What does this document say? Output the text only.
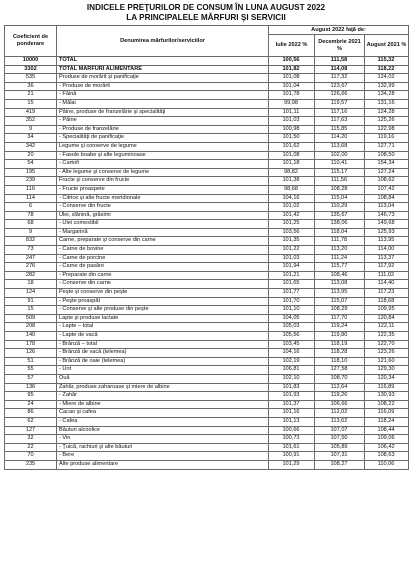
INDICELE PREŢURILOR DE CONSUM ÎN LUNA AUGUST 2022
LA PRINCIPALELE MĂRFURI ŞI SERVICII
Coeficient de ponderare	Denumirea mărfurilor/serviciilor	August 2022 faţă de:		
		Iulie 2022 %	Decembrie 2021 %	August 2021 %
10000	TOTAL	100,56	111,58	115,32
3302	TOTAL MĂRFURI ALIMENTARE	101,82	114,08	118,22
535	Produse de morărit şi panificaţie	101,08	117,32	124,02
36	- Produse de morărit	101,04	123,67	132,99
21	- Făină	101,78	126,66	134,28
15	- Mălai	99,98	119,57	131,16
419	Pâine, produse de franzelărie şi specialităţi	101,11	117,16	124,28
352	- Pâine	101,03	117,63	125,26
9	- Produse de franzelărie	100,98	115,85	122,98
34	- Specialităţi de panificaţie	101,50	114,20	119,16
342	Legume şi conserve de legume	101,62	113,68	127,71
20	- Fasole boabe şi alte leguminoase	101,08	102,00	108,50
54	- Cartofi	101,18	110,41	154,34
195	- Alte legume şi conserve de legume	98,82	115,17	127,24
239	Fructe şi conserve din fructe	101,38	111,56	108,62
116	- Fructe proaspete	98,68	108,28	107,42
114	- Citrice şi alte fructe meridionale	104,16	115,04	108,84
6	- Conserve din fructe	101,02	110,29	113,04
78	Ulei, slănină, grăsimi	101,42	135,67	146,73
68	- Ulei comestibil	101,25	138,06	149,68
9	- Margarină	103,56	118,04	125,93
832	Carne, preparate şi conserve din carne	101,35	111,78	113,95
73	- Carne de bovine	101,22	113,20	114,00
247	- Carne de porcine	101,03	111,24	113,37
276	- Carne de pasăre	101,94	115,77	117,92
282	- Preparate din carne	101,21	108,46	111,02
18	- Conserve din carne	101,65	113,08	114,40
124	Peşte şi conserve din peşte	101,77	113,95	117,23
91	- Peşte proaspăt	101,70	115,07	118,68
15	- Conserve şi alte produse din peşte	101,10	108,29	109,95
509	Lapte şi produse lactate	104,05	117,70	120,84
208	- Lapte – total	105,03	119,24	122,11
140	- Lapte de vacă	105,56	119,80	122,35
178	- Brânză – total	103,45	118,19	122,70
126	- Brânză de vacă (telemea)	104,16	118,28	123,26
51	- Brânză de oaie (telemea)	102,19	118,10	121,60
55	- Unt	106,81	127,58	129,30
57	Ouă	102,10	108,70	120,34
136	Zahăr, produse zaharoase şi miere de albine	101,83	112,64	116,89
95	- Zahăr	101,93	119,26	130,93
24	- Miere de albine	101,37	106,66	108,22
86	Cacao şi cafea	101,16	112,02	116,09
62	- Cafea	101,13	113,62	118,24
127	Băuturi alcoolice	100,66	107,07	108,44
32	- Vin	100,73	107,50	109,06
22	- Ţuică, rachiuri şi alte băuturi	101,61	105,89	106,42
70	- Bere	100,91	107,31	108,63
235	Alte produse alimentare	101,29	108,27	110,06
